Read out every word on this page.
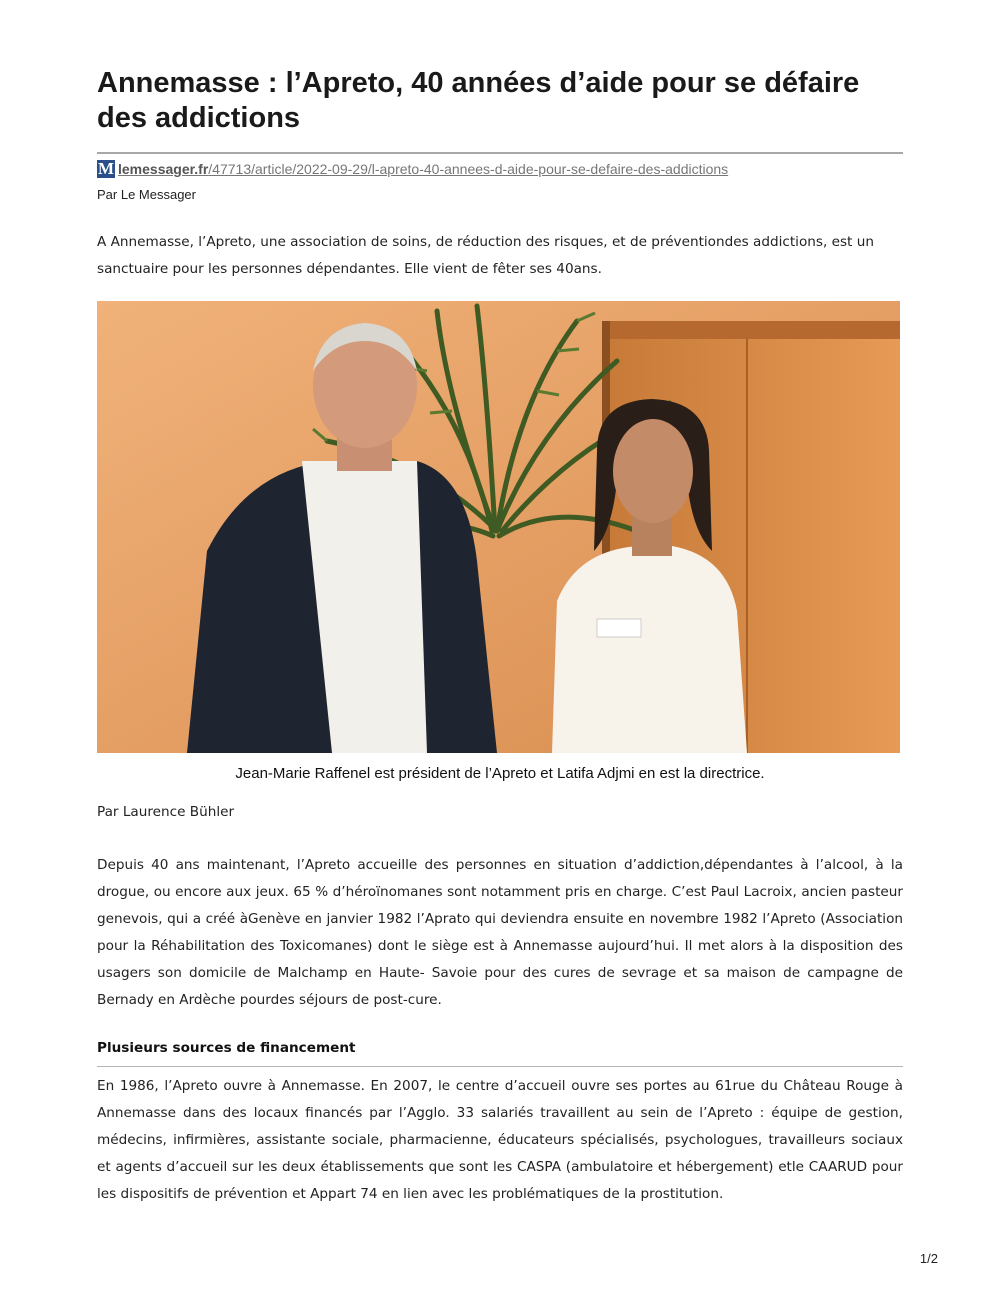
Annemasse : l’Apreto, 40 années d’aide pour se défaire des addictions
M lemessager.fr/47713/article/2022-09-29/l-apreto-40-annees-d-aide-pour-se-defaire-des-addictions
Par Le Messager

A Annemasse, l’Apreto, une association de soins, de réduction des risques, et de préventiondes addictions, est un sanctuaire pour les personnes dépendantes. Elle vient de fêter ses 40ans.

Jean-Marie Raffenel est président de l’Apreto et Latifa Adjmi en est la directrice.
Par Laurence Bühler

Depuis 40 ans maintenant, l’Apreto accueille des personnes en situation d’addiction,dépendantes à l’alcool, à la drogue, ou encore aux jeux. 65 % d’héroïnomanes sont notamment pris en charge. C’est Paul Lacroix, ancien pasteur genevois, qui a créé àGenève en janvier 1982 l’Aprato qui deviendra ensuite en novembre 1982 l’Apreto (Association pour la Réhabilitation des Toxicomanes) dont le siège est à Annemasse aujourd’hui. Il met alors à la disposition des usagers son domicile de Malchamp en Haute- Savoie pour des cures de sevrage et sa maison de campagne de Bernady en Ardèche pourdes séjours de post-cure.

Plusieurs sources de financement

En 1986, l’Apreto ouvre à Annemasse. En 2007, le centre d’accueil ouvre ses portes au 61rue du Château Rouge à Annemasse dans des locaux financés par l’Agglo. 33 salariés travaillent au sein de l’Apreto : équipe de gestion, médecins, infirmières, assistante sociale, pharmacienne, éducateurs spécialisés, psychologues, travailleurs sociaux et agents d’accueil sur les deux établissements que sont les CASPA (ambulatoire et hébergement) etle CAARUD pour les dispositifs de prévention et Appart 74 en lien avec les problématiques de la prostitution.

1/2
